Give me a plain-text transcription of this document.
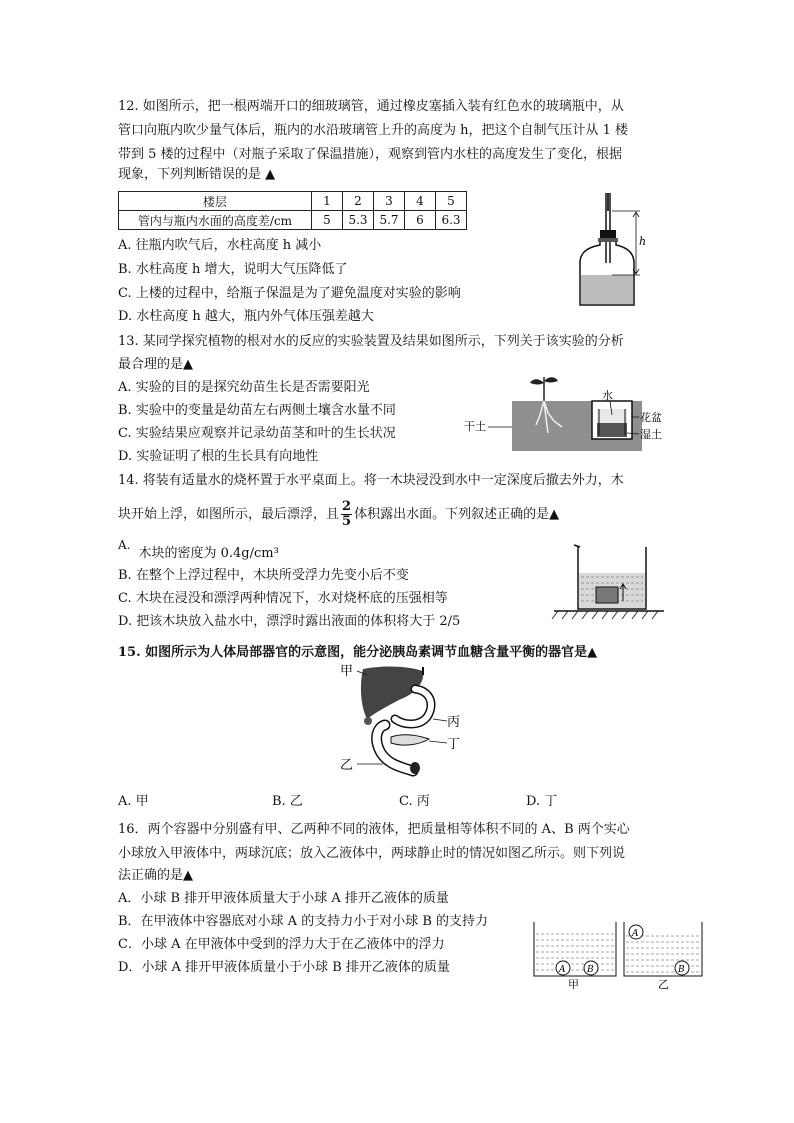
12. 如图所示，把一根两端开口的细玻璃管，通过橡皮塞插入装有红色水的玻璃瓶中，从
管口向瓶内吹少量气体后，瓶内的水沿玻璃管上升的高度为 h，把这个自制气压计从 1 楼
带到 5 楼的过程中（对瓶子采取了保温措施），观察到管内水柱的高度发生了变化，根据
现象，下列判断错误的是 ▲
楼层	1	2	3	4	5
管内与瓶内水面的高度差/cm	5	5.3	5.7	6	6.3
A. 往瓶内吹气后，水柱高度 h 减小
B. 水柱高度 h 增大，说明大气压降低了
C. 上楼的过程中，给瓶子保温是为了避免温度对实验的影响
D. 水柱高度 h 越大，瓶内外气体压强差越大
h
13. 某同学探究植物的根对水的反应的实验装置及结果如图所示，下列关于该实验的分析
最合理的是▲
A. 实验的目的是探究幼苗生长是否需要阳光
B. 实验中的变量是幼苗左右两侧土壤含水量不同
C. 实验结果应观察并记录幼苗茎和叶的生长状况
D. 实验证明了根的生长具有向地性
水
花盆
湿土
干土
14. 将装有适量水的烧杯置于水平桌面上。将一木块浸没到水中一定深度后撤去外力，木
块开始上浮，如图所示，最后漂浮，且 $\frac{2}{5}$ 体积露出水面。下列叙述正确的是▲
A.木块的密度为 0.4g/cm³
B. 在整个上浮过程中，木块所受浮力先变小后不变
C. 木块在浸没和漂浮两种情况下，水对烧杯底的压强相等
D. 把该木块放入盐水中，漂浮时露出液面的体积将大于 2/5
15. 如图所示为人体局部器官的示意图，能分泌胰岛素调节血糖含量平衡的器官是▲
甲
丙
丁
乙
A. 甲	B. 乙	C. 丙	D. 丁
16．两个容器中分别盛有甲、乙两种不同的液体，把质量相等体积不同的 A、B 两个实心
小球放入甲液体中，两球沉底；放入乙液体中，两球静止时的情况如图乙所示。则下列说
法正确的是▲
A．小球 B 排开甲液体质量大于小球 A 排开乙液体的质量
B．在甲液体中容器底对小球 A 的支持力小于对小球 B 的支持力
C．小球 A 在甲液体中受到的浮力大于在乙液体中的浮力
D．小球 A 排开甲液体质量小于小球 B 排开乙液体的质量	A B
甲
A
B
乙
